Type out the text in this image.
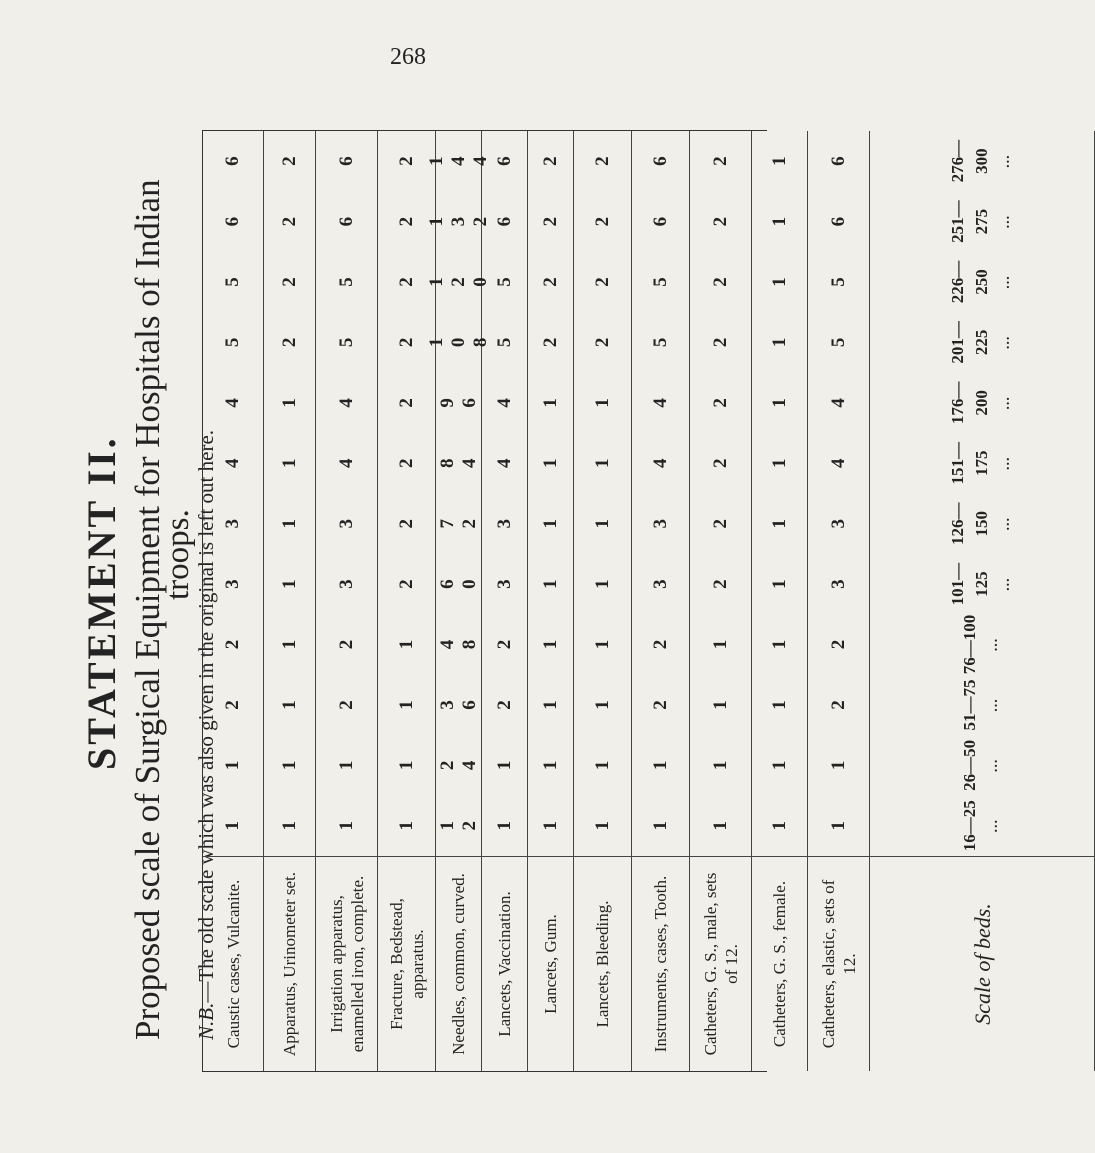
268
STATEMENT II. Proposed scale of Surgical Equipment for Hospitals of Indian
troops.
N.B.—The old scale which was also given in the original is left out here. Caustic cases, Vulcanite.
1
1
2
2
3
3
4
4
5
5
6
6
Apparatus, Urinometer set.
1
1
1
1
1
1
1
1
2
2
2
2
Irrigation apparatus, enamelled iron, complete.
1
1
2
2
3
3
4
4
5
5
6
6
Fracture, Bedstead, apparatus.
1
1
1
1
2
2
2
2
2
2
2
2
Needles, common, curved.
1 2
2 4
3 6
4 8
6 0
7 2
8 4
9 6
1 0 8
1 2 0
1 3 2
1 4 4
Lancets, Vaccination.
1
1
2
2
3
3
4
4
5
5
6
6
Lancets, Gum.
1
1
1
1
1
1
1
1
2
2
2
2
Lancets, Bleeding.
1
1
1
1
1
1
1
1
2
2
2
2
Instruments, cases, Tooth.
1
1
2
2
3
3
4
4
5
5
6
6
Catheters, G. S., male, sets of 12.
1
1
1
1
2
2
2
2
2
2
2
2
Catheters, G. S., female.
1
1
1
1
1
1
1
1
1
1
1
1
Catheters, elastic, sets of 12.
1
1
2
2
3
3
4
4
5
5
6
6
Scale of beds.
16—25 ...
26—50 ...
51—75 ...
76—100 ...
101—125 ...
126—150 ...
151—175 ...
176—200 ...
201—225 ...
226—250 ...
251—275 ...
276—300 ...
